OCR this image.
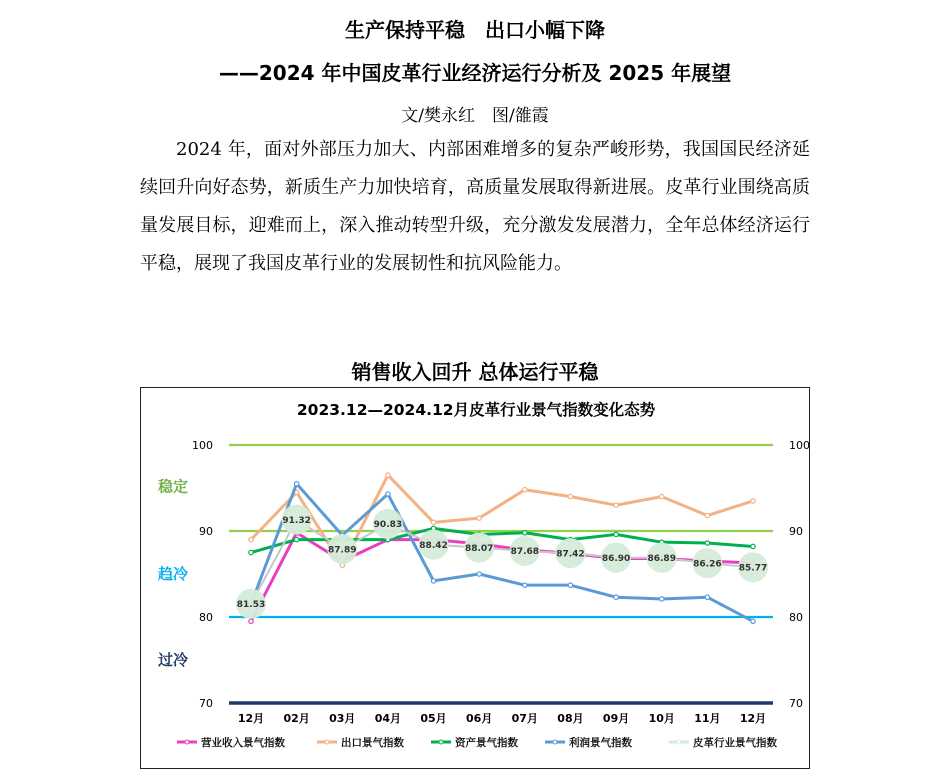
生产保持平稳　出口小幅下降
——2024 年中国皮革行业经济运行分析及 2025 年展望
文/樊永红　图/雒霞
2024 年，面对外部压力加大、内部困难增多的复杂严峻形势，我国国民经济延续回升向好态势，新质生产力加快培育，高质量发展取得新进展。皮革行业围绕高质量发展目标，迎难而上，深入推动转型升级，充分激发发展潜力，全年总体经济运行平稳，展现了我国皮革行业的发展韧性和抗风险能力。
销售收入回升 总体运行平稳
2023.12—2024.12月皮革行业景气指数变化态势
70	70
80	80
90	90
100	100
稳定
趋冷
过冷
12月 02月 03月 04月 05月 06月 07月 08月 09月 10月 11月 12月
81.53
91.32
87.89
90.83
88.42 88.07 87.68 87.42 86.90 86.89
86.26 85.77
营业收入景气指数	出口景气指数	资产景气指数	利润景气指数	皮革行业景气指数
